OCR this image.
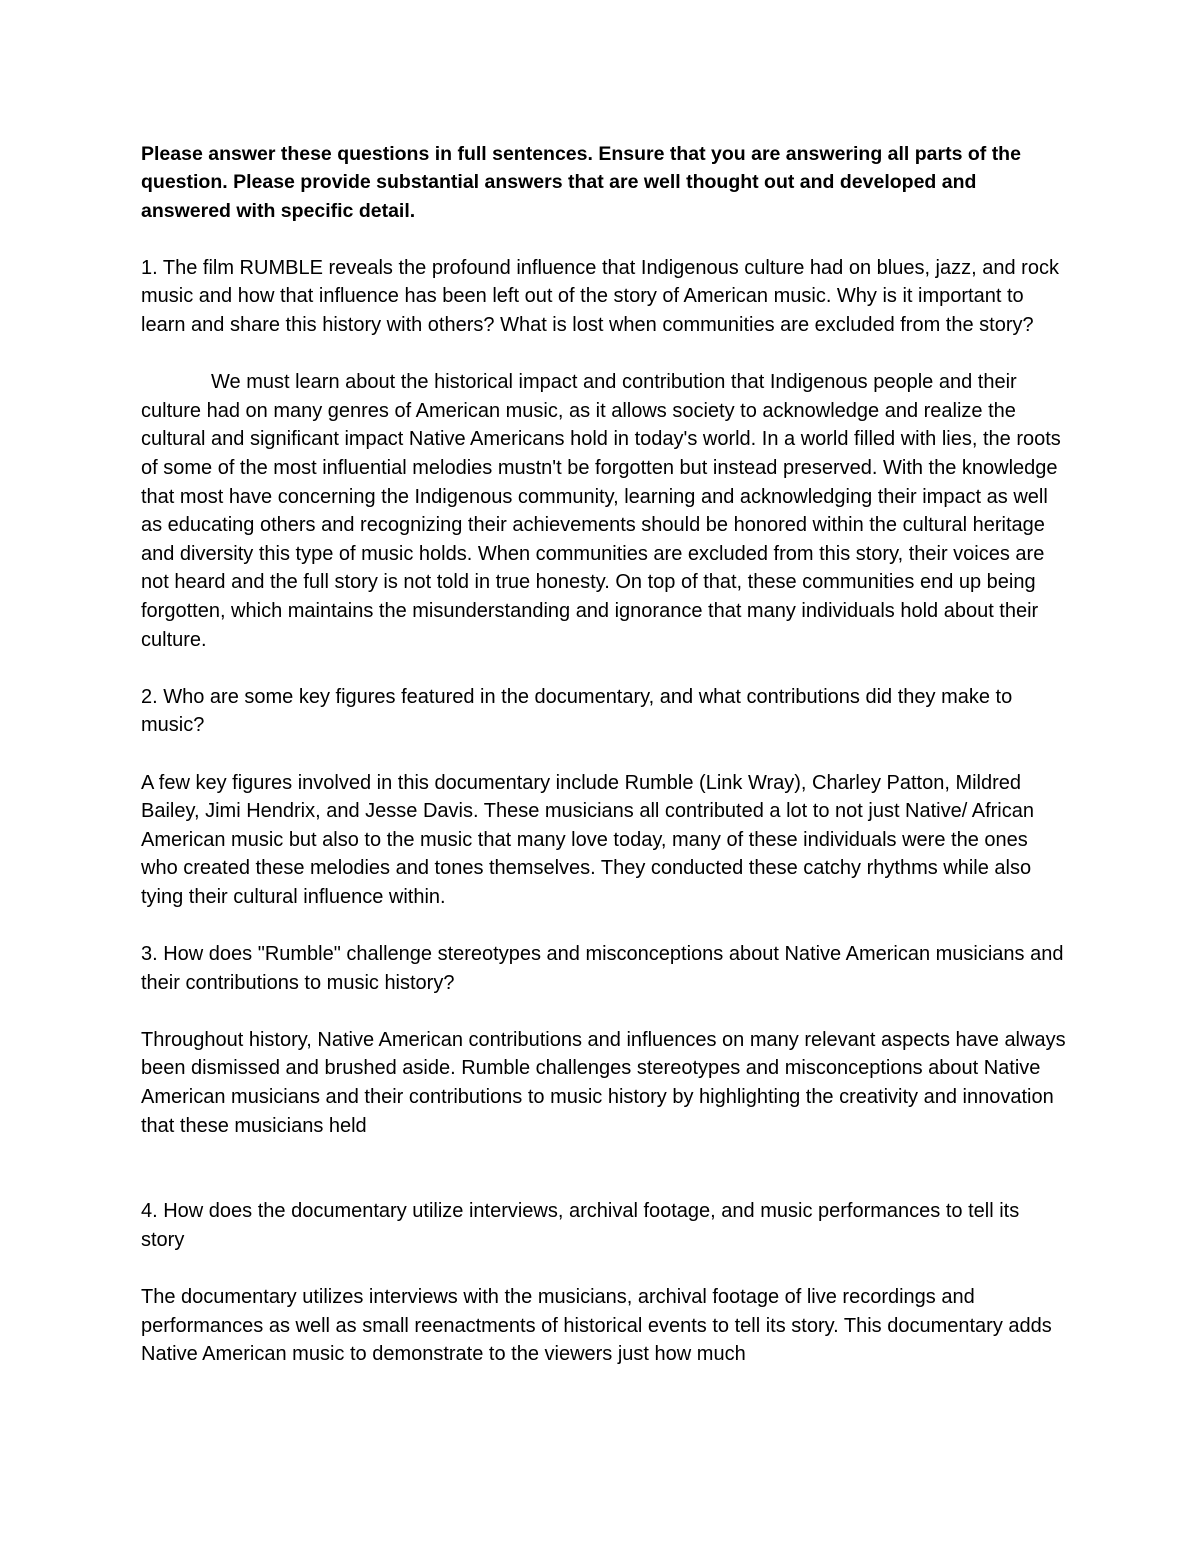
Please answer these questions in full sentences. Ensure that you are answering all parts of the question. Please provide substantial answers that are well thought out and developed and answered with specific detail.

1. The film RUMBLE reveals the profound influence that Indigenous culture had on blues, jazz, and rock music and how that influence has been left out of the story of American music. Why is it important to learn and share this history with others? What is lost when communities are excluded from the story?

We must learn about the historical impact and contribution that Indigenous people and their culture had on many genres of American music, as it allows society to acknowledge and realize the cultural and significant impact Native Americans hold in today's world. In a world filled with lies, the roots of some of the most influential melodies mustn't be forgotten but instead preserved. With the knowledge that most have concerning the Indigenous community, learning and acknowledging their impact as well as educating others and recognizing their achievements should be honored within the cultural heritage and diversity this type of music holds. When communities are excluded from this story, their voices are not heard and the full story is not told in true honesty. On top of that, these communities end up being forgotten, which maintains the misunderstanding and ignorance that many individuals hold about their culture.

2. Who are some key figures featured in the documentary, and what contributions did they make to music?

A few key figures involved in this documentary include Rumble (Link Wray), Charley Patton, Mildred Bailey, Jimi Hendrix, and Jesse Davis. These musicians all contributed a lot to not just Native/ African American music but also to the music that many love today, many of these individuals were the ones who created these melodies and tones themselves. They conducted these catchy rhythms while also tying their cultural influence within.

3. How does "Rumble" challenge stereotypes and misconceptions about Native American musicians and their contributions to music history?

Throughout history, Native American contributions and influences on many relevant aspects have always been dismissed and brushed aside. Rumble challenges stereotypes and misconceptions about Native American musicians and their contributions to music history by highlighting the creativity and innovation that these musicians held

4. How does the documentary utilize interviews, archival footage, and music performances to tell its story

The documentary utilizes interviews with the musicians, archival footage of live recordings and performances as well as small reenactments of historical events to tell its story. This documentary adds Native American music to demonstrate to the viewers just how much
